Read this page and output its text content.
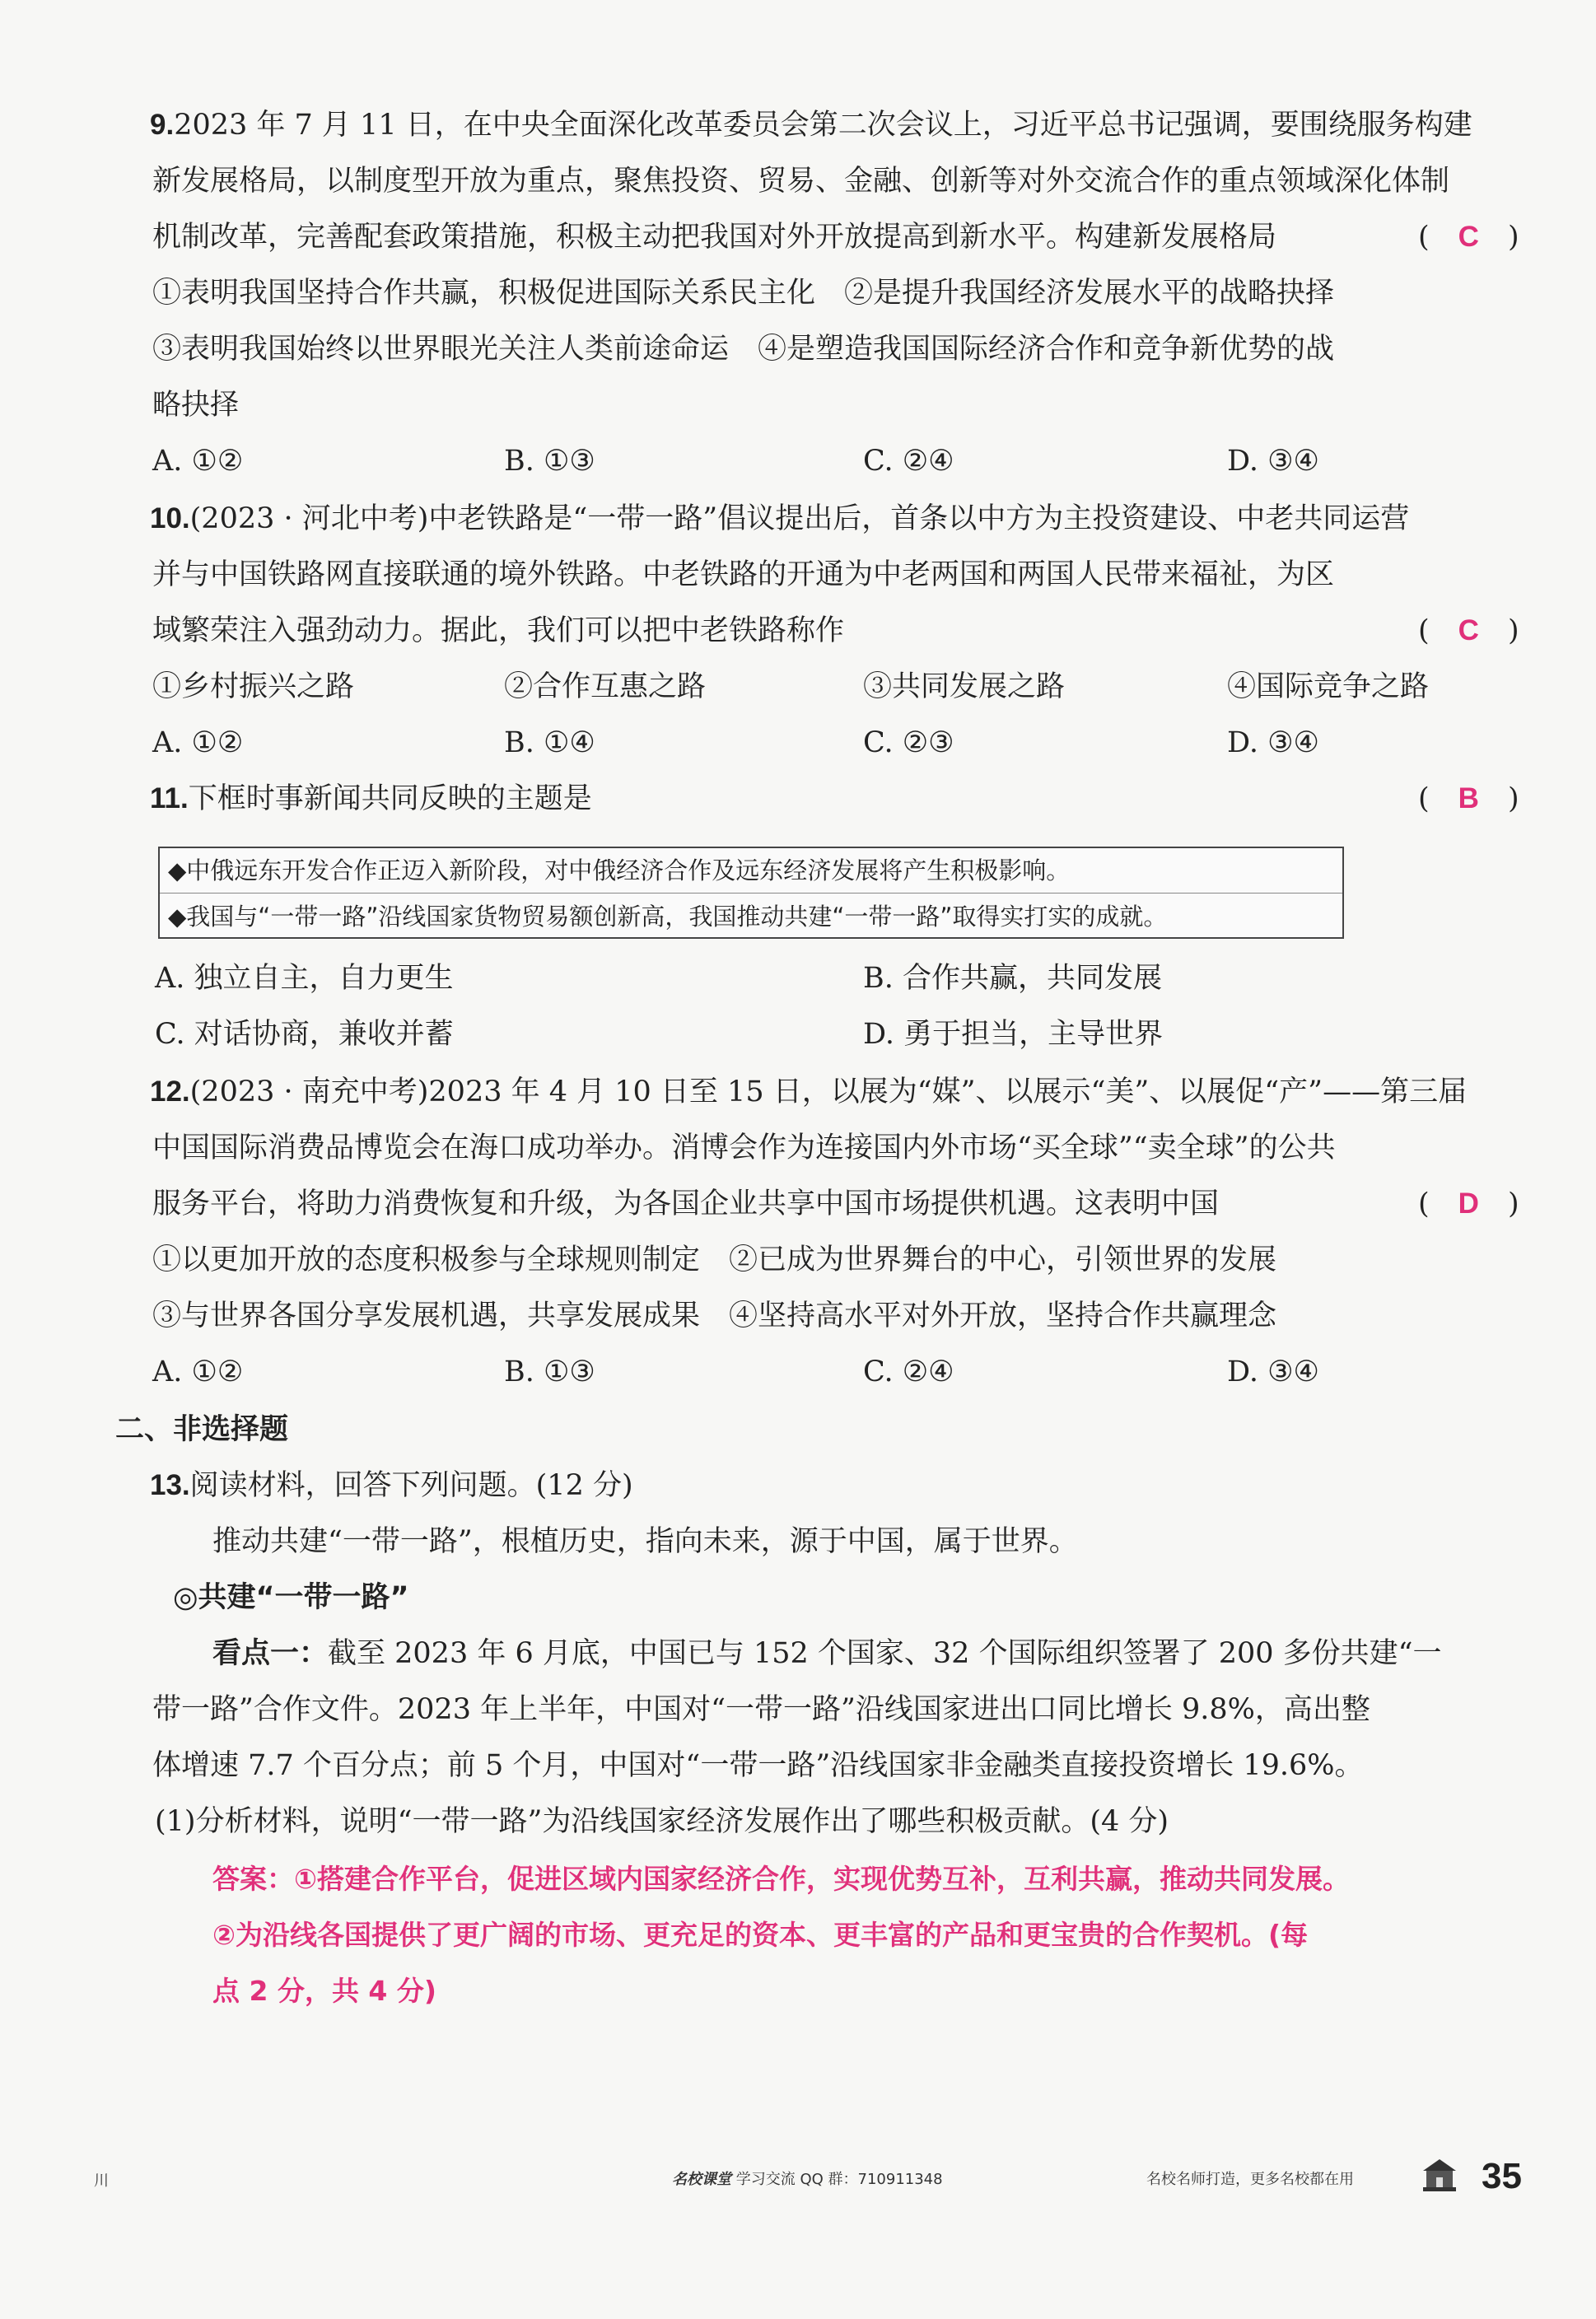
9.2023 年 7 月 11 日，在中央全面深化改革委员会第二次会议上，习近平总书记强调，要围绕服务构建
新发展格局，以制度型开放为重点，聚焦投资、贸易、金融、创新等对外交流合作的重点领域深化体制
机制改革，完善配套政策措施，积极主动把我国对外开放提高到新水平。构建新发展格局	(　C　)
①表明我国坚持合作共赢，积极促进国际关系民主化　②是提升我国经济发展水平的战略抉择
③表明我国始终以世界眼光关注人类前途命运　④是塑造我国国际经济合作和竞争新优势的战
略抉择
A. ①②	B. ①③	C. ②④	D. ③④
10.(2023 · 河北中考)中老铁路是“一带一路”倡议提出后，首条以中方为主投资建设、中老共同运营
并与中国铁路网直接联通的境外铁路。中老铁路的开通为中老两国和两国人民带来福祉，为区
域繁荣注入强劲动力。据此，我们可以把中老铁路称作	(　C　)
①乡村振兴之路	②合作互惠之路	③共同发展之路	④国际竞争之路
A. ①②	B. ①④	C. ②③	D. ③④
11.下框时事新闻共同反映的主题是	(　B　)
◆中俄远东开发合作正迈入新阶段，对中俄经济合作及远东经济发展将产生积极影响。
◆我国与“一带一路”沿线国家货物贸易额创新高，我国推动共建“一带一路”取得实打实的成就。
A. 独立自主，自力更生	B. 合作共赢，共同发展
C. 对话协商，兼收并蓄	D. 勇于担当，主导世界
12.(2023 · 南充中考)2023 年 4 月 10 日至 15 日，以展为“媒”、以展示“美”、以展促“产”——第三届
中国国际消费品博览会在海口成功举办。消博会作为连接国内外市场“买全球”“卖全球”的公共
服务平台，将助力消费恢复和升级，为各国企业共享中国市场提供机遇。这表明中国	(　D　)
①以更加开放的态度积极参与全球规则制定　②已成为世界舞台的中心，引领世界的发展
③与世界各国分享发展机遇，共享发展成果　④坚持高水平对外开放，坚持合作共赢理念
A. ①②	B. ①③	C. ②④	D. ③④
二、非选择题
13.阅读材料，回答下列问题。(12 分)
推动共建“一带一路”，根植历史，指向未来，源于中国，属于世界。
◎共建“一带一路”
看点一：截至 2023 年 6 月底，中国已与 152 个国家、32 个国际组织签署了 200 多份共建“一
带一路”合作文件。2023 年上半年，中国对“一带一路”沿线国家进出口同比增长 9.8%，高出整
体增速 7.7 个百分点；前 5 个月，中国对“一带一路”沿线国家非金融类直接投资增长 19.6%。
(1)分析材料，说明“一带一路”为沿线国家经济发展作出了哪些积极贡献。(4 分)
答案：①搭建合作平台，促进区域内国家经济合作，实现优势互补，互利共赢，推动共同发展。
②为沿线各国提供了更广阔的市场、更充足的资本、更丰富的产品和更宝贵的合作契机。(每
点 2 分，共 4 分)
川	名校课堂 学习交流 QQ 群：710911348	名校名师打造，更多名校都在用	35
